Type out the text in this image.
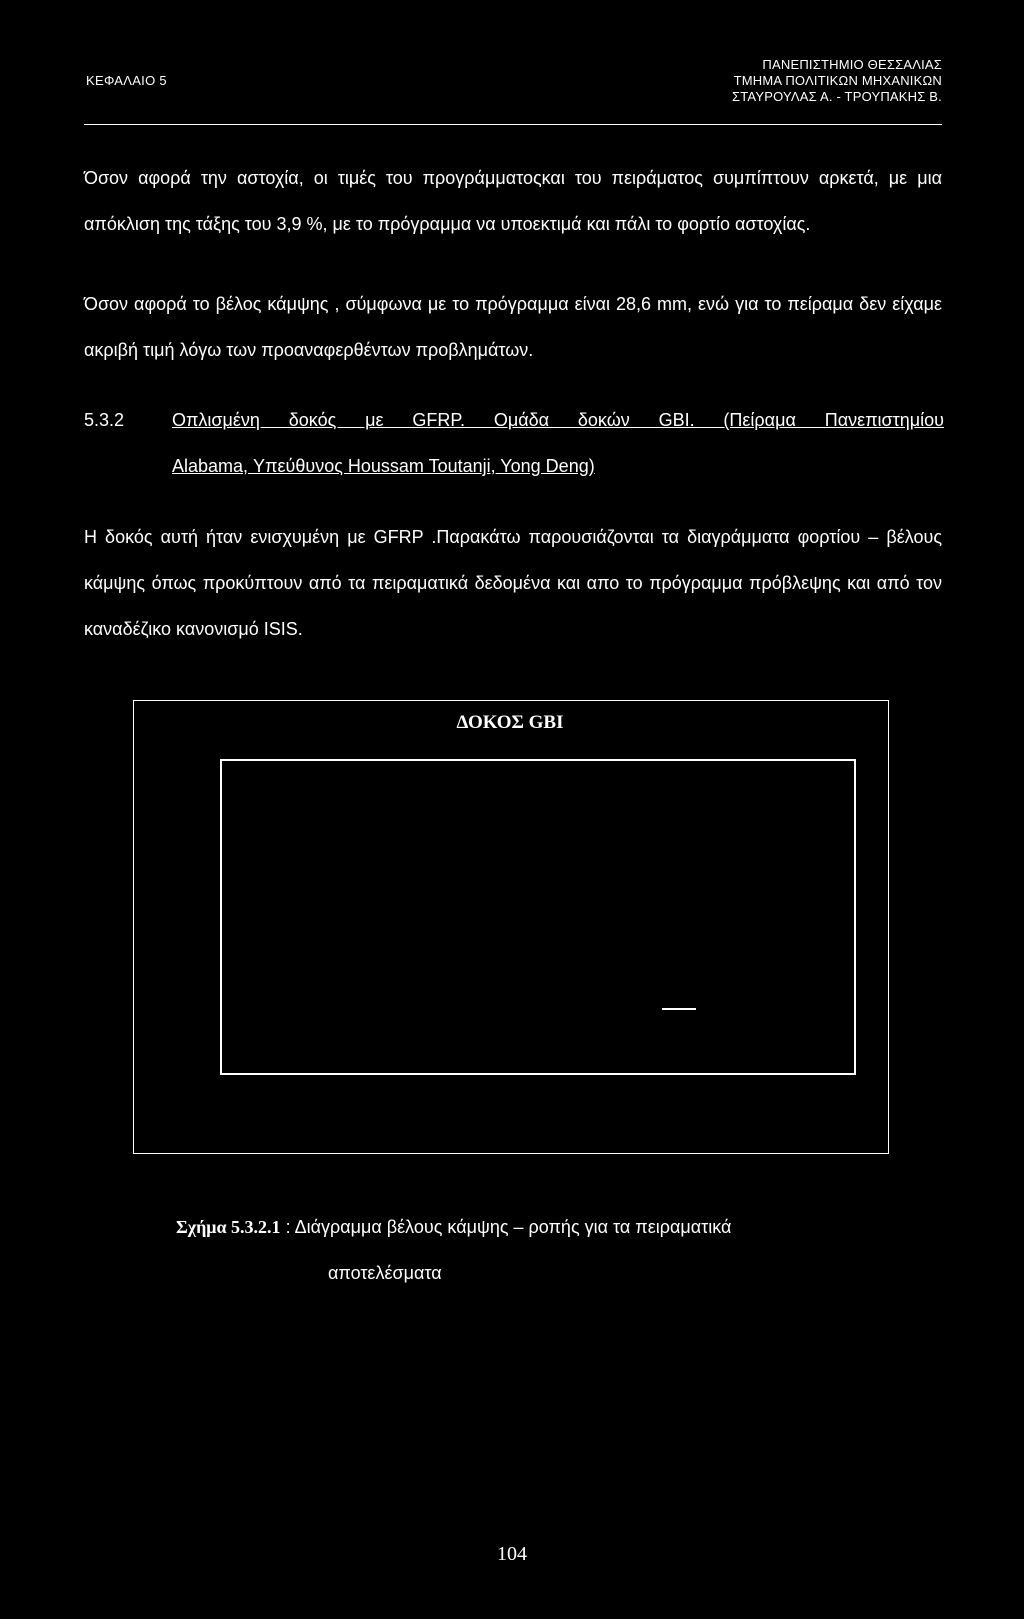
ΚΕΦΑΛΑΙΟ 5
ΠΑΝΕΠΙΣΤΗΜΙΟ ΘΕΣΣΑΛΙΑΣ
ΤΜΗΜΑ ΠΟΛΙΤΙΚΩΝ ΜΗΧΑΝΙΚΩΝ
ΣΤΑΥΡΟΥΛΑΣ Α. - ΤΡΟΥΠΑΚΗΣ Β.
Όσον αφορά την αστοχία, οι τιμές του προγράμματοςκαι του πειράματος συμπίπτουν αρκετά, με μια απόκλιση της τάξης του 3,9 %, με το πρόγραμμα να υποεκτιμά και πάλι το φορτίο αστοχίας.
Όσον αφορά το βέλος κάμψης , σύμφωνα με το πρόγραμμα είναι 28,6 mm, ενώ για το πείραμα δεν είχαμε ακριβή τιμή λόγω των προαναφερθέντων προβλημάτων.
5.3.2	Οπλισμένη δοκός με GFRP. Ομάδα δοκών GBI. (Πείραμα Πανεπιστημίου
Alabama, Υπεύθυνος Houssam Toutanji, Yong Deng)
Η δοκός αυτή ήταν ενισχυμένη με GFRP .Παρακάτω παρουσιάζονται τα διαγράμματα φορτίου – βέλους κάμψης όπως προκύπτουν από τα πειραματικά δεδομένα και απο το πρόγραμμα πρόβλεψης και από τον καναδέζικο κανονισμό ISIS.
ΔΟΚΟΣ GBI
Σχήμα 5.3.2.1 : Διάγραμμα βέλους κάμψης – ροπής για τα πειραματικά
αποτελέσματα
104
